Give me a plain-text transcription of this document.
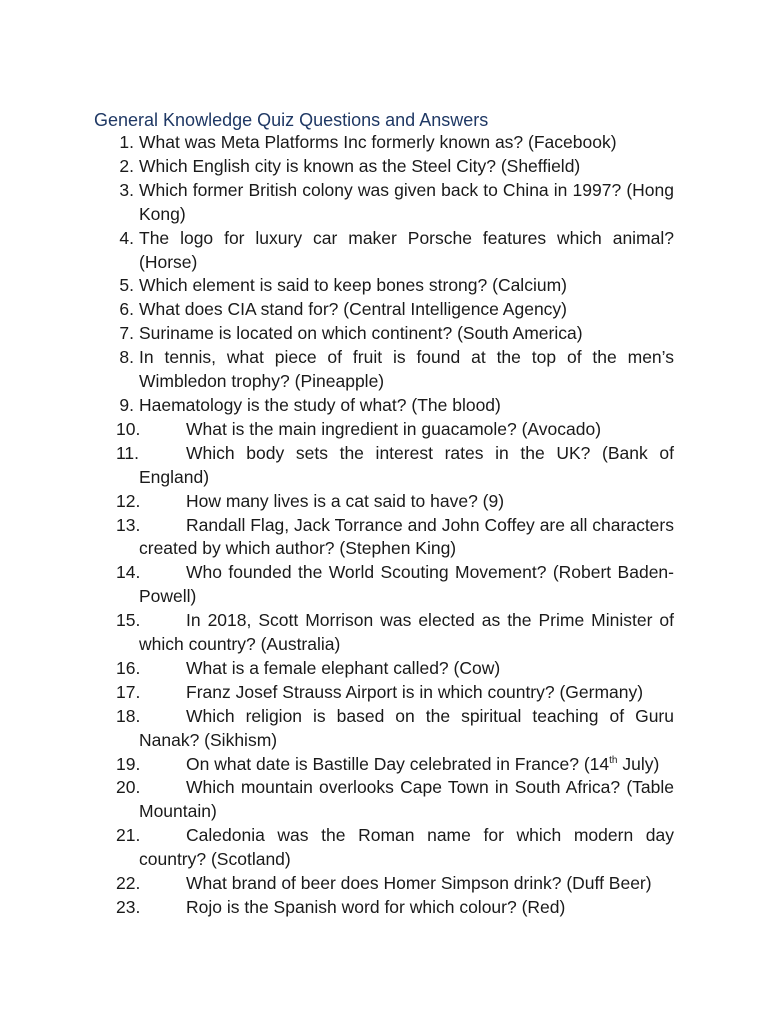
General Knowledge Quiz Questions and Answers
1. What was Meta Platforms Inc formerly known as? (Facebook)
2. Which English city is known as the Steel City? (Sheffield)
3. Which former British colony was given back to China in 1997? (Hong Kong)
4. The logo for luxury car maker Porsche features which animal? (Horse)
5. Which element is said to keep bones strong? (Calcium)
6. What does CIA stand for? (Central Intelligence Agency)
7. Suriname is located on which continent? (South America)
8. In tennis, what piece of fruit is found at the top of the men’s Wimbledon trophy? (Pineapple)
9. Haematology is the study of what? (The blood)
10.	What is the main ingredient in guacamole? (Avocado)
11.	Which body sets the interest rates in the UK? (Bank of England)
12.	How many lives is a cat said to have? (9)
13.	Randall Flag, Jack Torrance and John Coffey are all characters created by which author? (Stephen King)
14.	Who founded the World Scouting Movement? (Robert Baden-Powell)
15.	In 2018, Scott Morrison was elected as the Prime Minister of which country? (Australia)
16.	What is a female elephant called? (Cow)
17.	Franz Josef Strauss Airport is in which country? (Germany)
18.	Which religion is based on the spiritual teaching of Guru Nanak? (Sikhism)
19.	On what date is Bastille Day celebrated in France? (14th July)
20.	Which mountain overlooks Cape Town in South Africa? (Table Mountain)
21.	Caledonia was the Roman name for which modern day country? (Scotland)
22.	What brand of beer does Homer Simpson drink? (Duff Beer)
23.	Rojo is the Spanish word for which colour? (Red)
